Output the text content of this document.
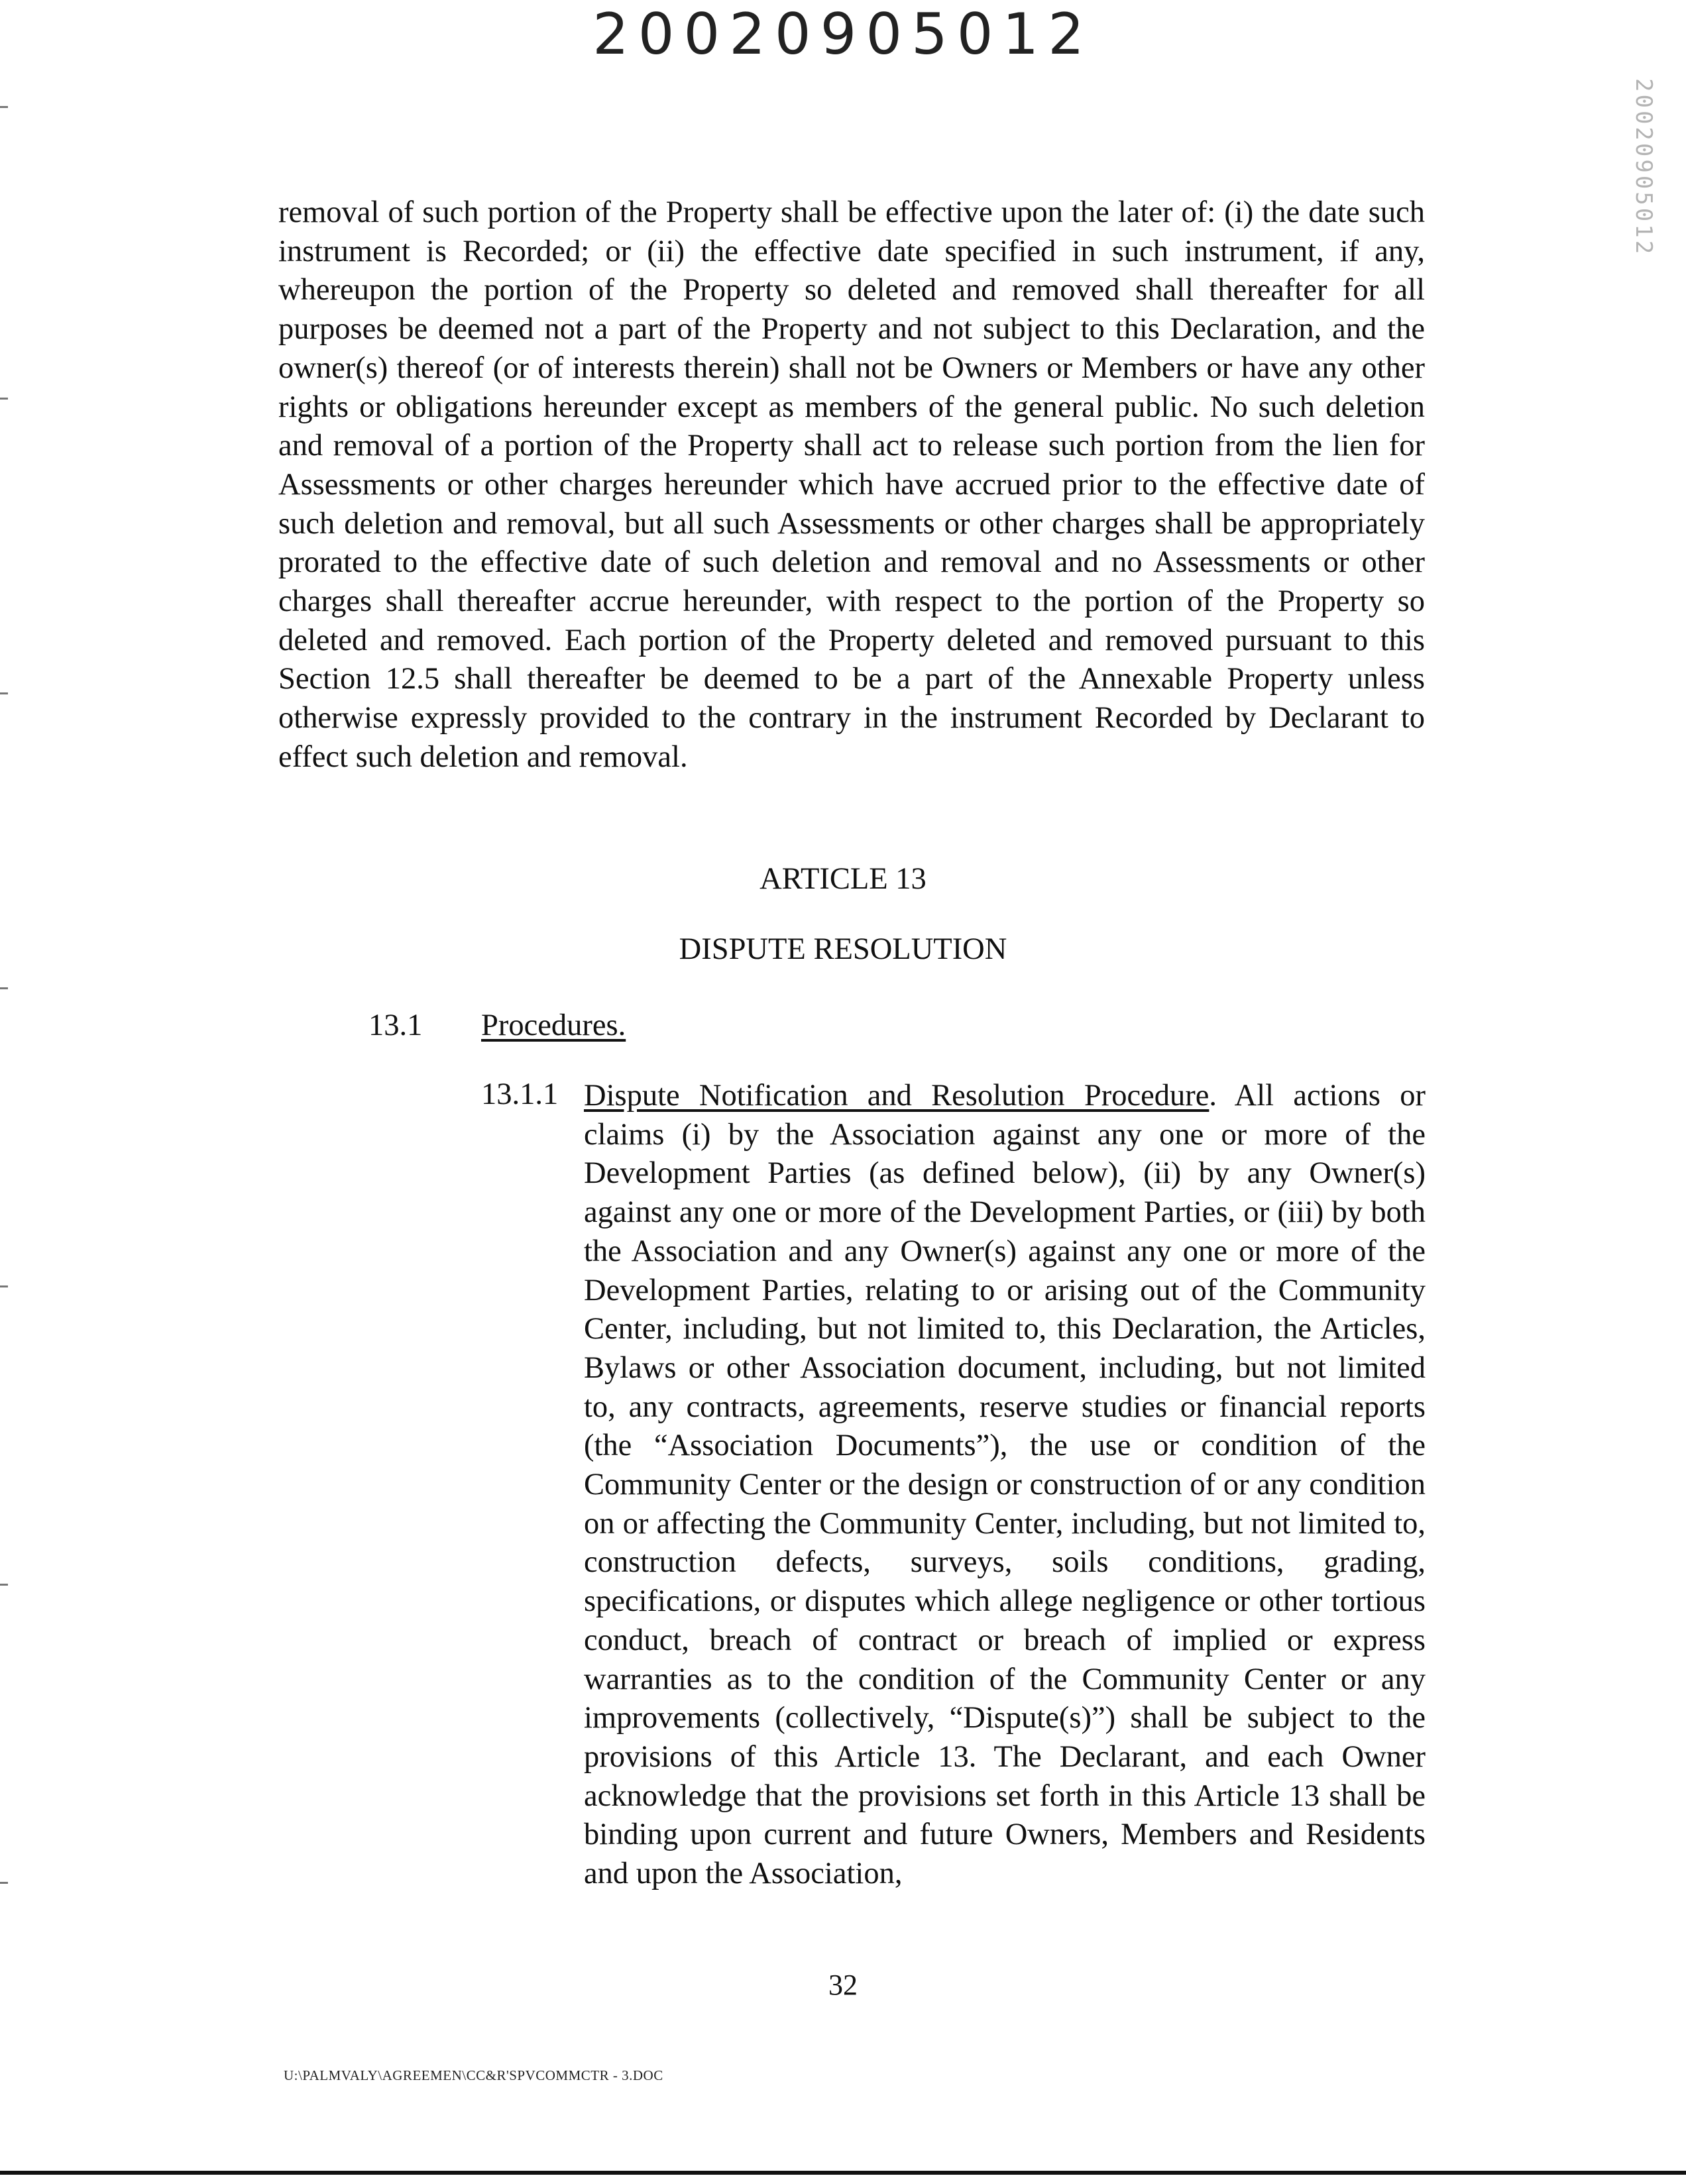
20020905012
20020905012

removal of such portion of the Property shall be effective upon the later of: (i) the date such instrument is Recorded; or (ii) the effective date specified in such instrument, if any, whereupon the portion of the Property so deleted and removed shall thereafter for all purposes be deemed not a part of the Property and not subject to this Declaration, and the owner(s) thereof (or of interests therein) shall not be Owners or Members or have any other rights or obligations hereunder except as members of the general public. No such deletion and removal of a portion of the Property shall act to release such portion from the lien for Assessments or other charges hereunder which have accrued prior to the effective date of such deletion and removal, but all such Assessments or other charges shall be appropriately prorated to the effective date of such deletion and removal and no Assessments or other charges shall thereafter accrue hereunder, with respect to the portion of the Property so deleted and removed. Each portion of the Property deleted and removed pursuant to this Section 12.5 shall thereafter be deemed to be a part of the Annexable Property unless otherwise expressly provided to the contrary in the instrument Recorded by Declarant to effect such deletion and removal.

ARTICLE 13
DISPUTE RESOLUTION
13.1 Procedures.
13.1.1 Dispute Notification and Resolution Procedure. All actions or claims (i) by the Association against any one or more of the Development Parties (as defined below), (ii) by any Owner(s) against any one or more of the Development Parties, or (iii) by both the Association and any Owner(s) against any one or more of the Development Parties, relating to or arising out of the Community Center, including, but not limited to, this Declaration, the Articles, Bylaws or other Association document, including, but not limited to, any contracts, agreements, reserve studies or financial reports (the “Association Documents”), the use or condition of the Community Center or the design or construction of or any condition on or affecting the Community Center, including, but not limited to, construction defects, surveys, soils conditions, grading, specifications, or disputes which allege negligence or other tortious conduct, breach of contract or breach of implied or express warranties as to the condition of the Community Center or any improvements (collectively, “Dispute(s)”) shall be subject to the provisions of this Article 13. The Declarant, and each Owner acknowledge that the provisions set forth in this Article 13 shall be binding upon current and future Owners, Members and Residents and upon the Association,

32
U:\PALMVALY\AGREEMEN\CC&R'SPVCOMMCTR - 3.DOC
